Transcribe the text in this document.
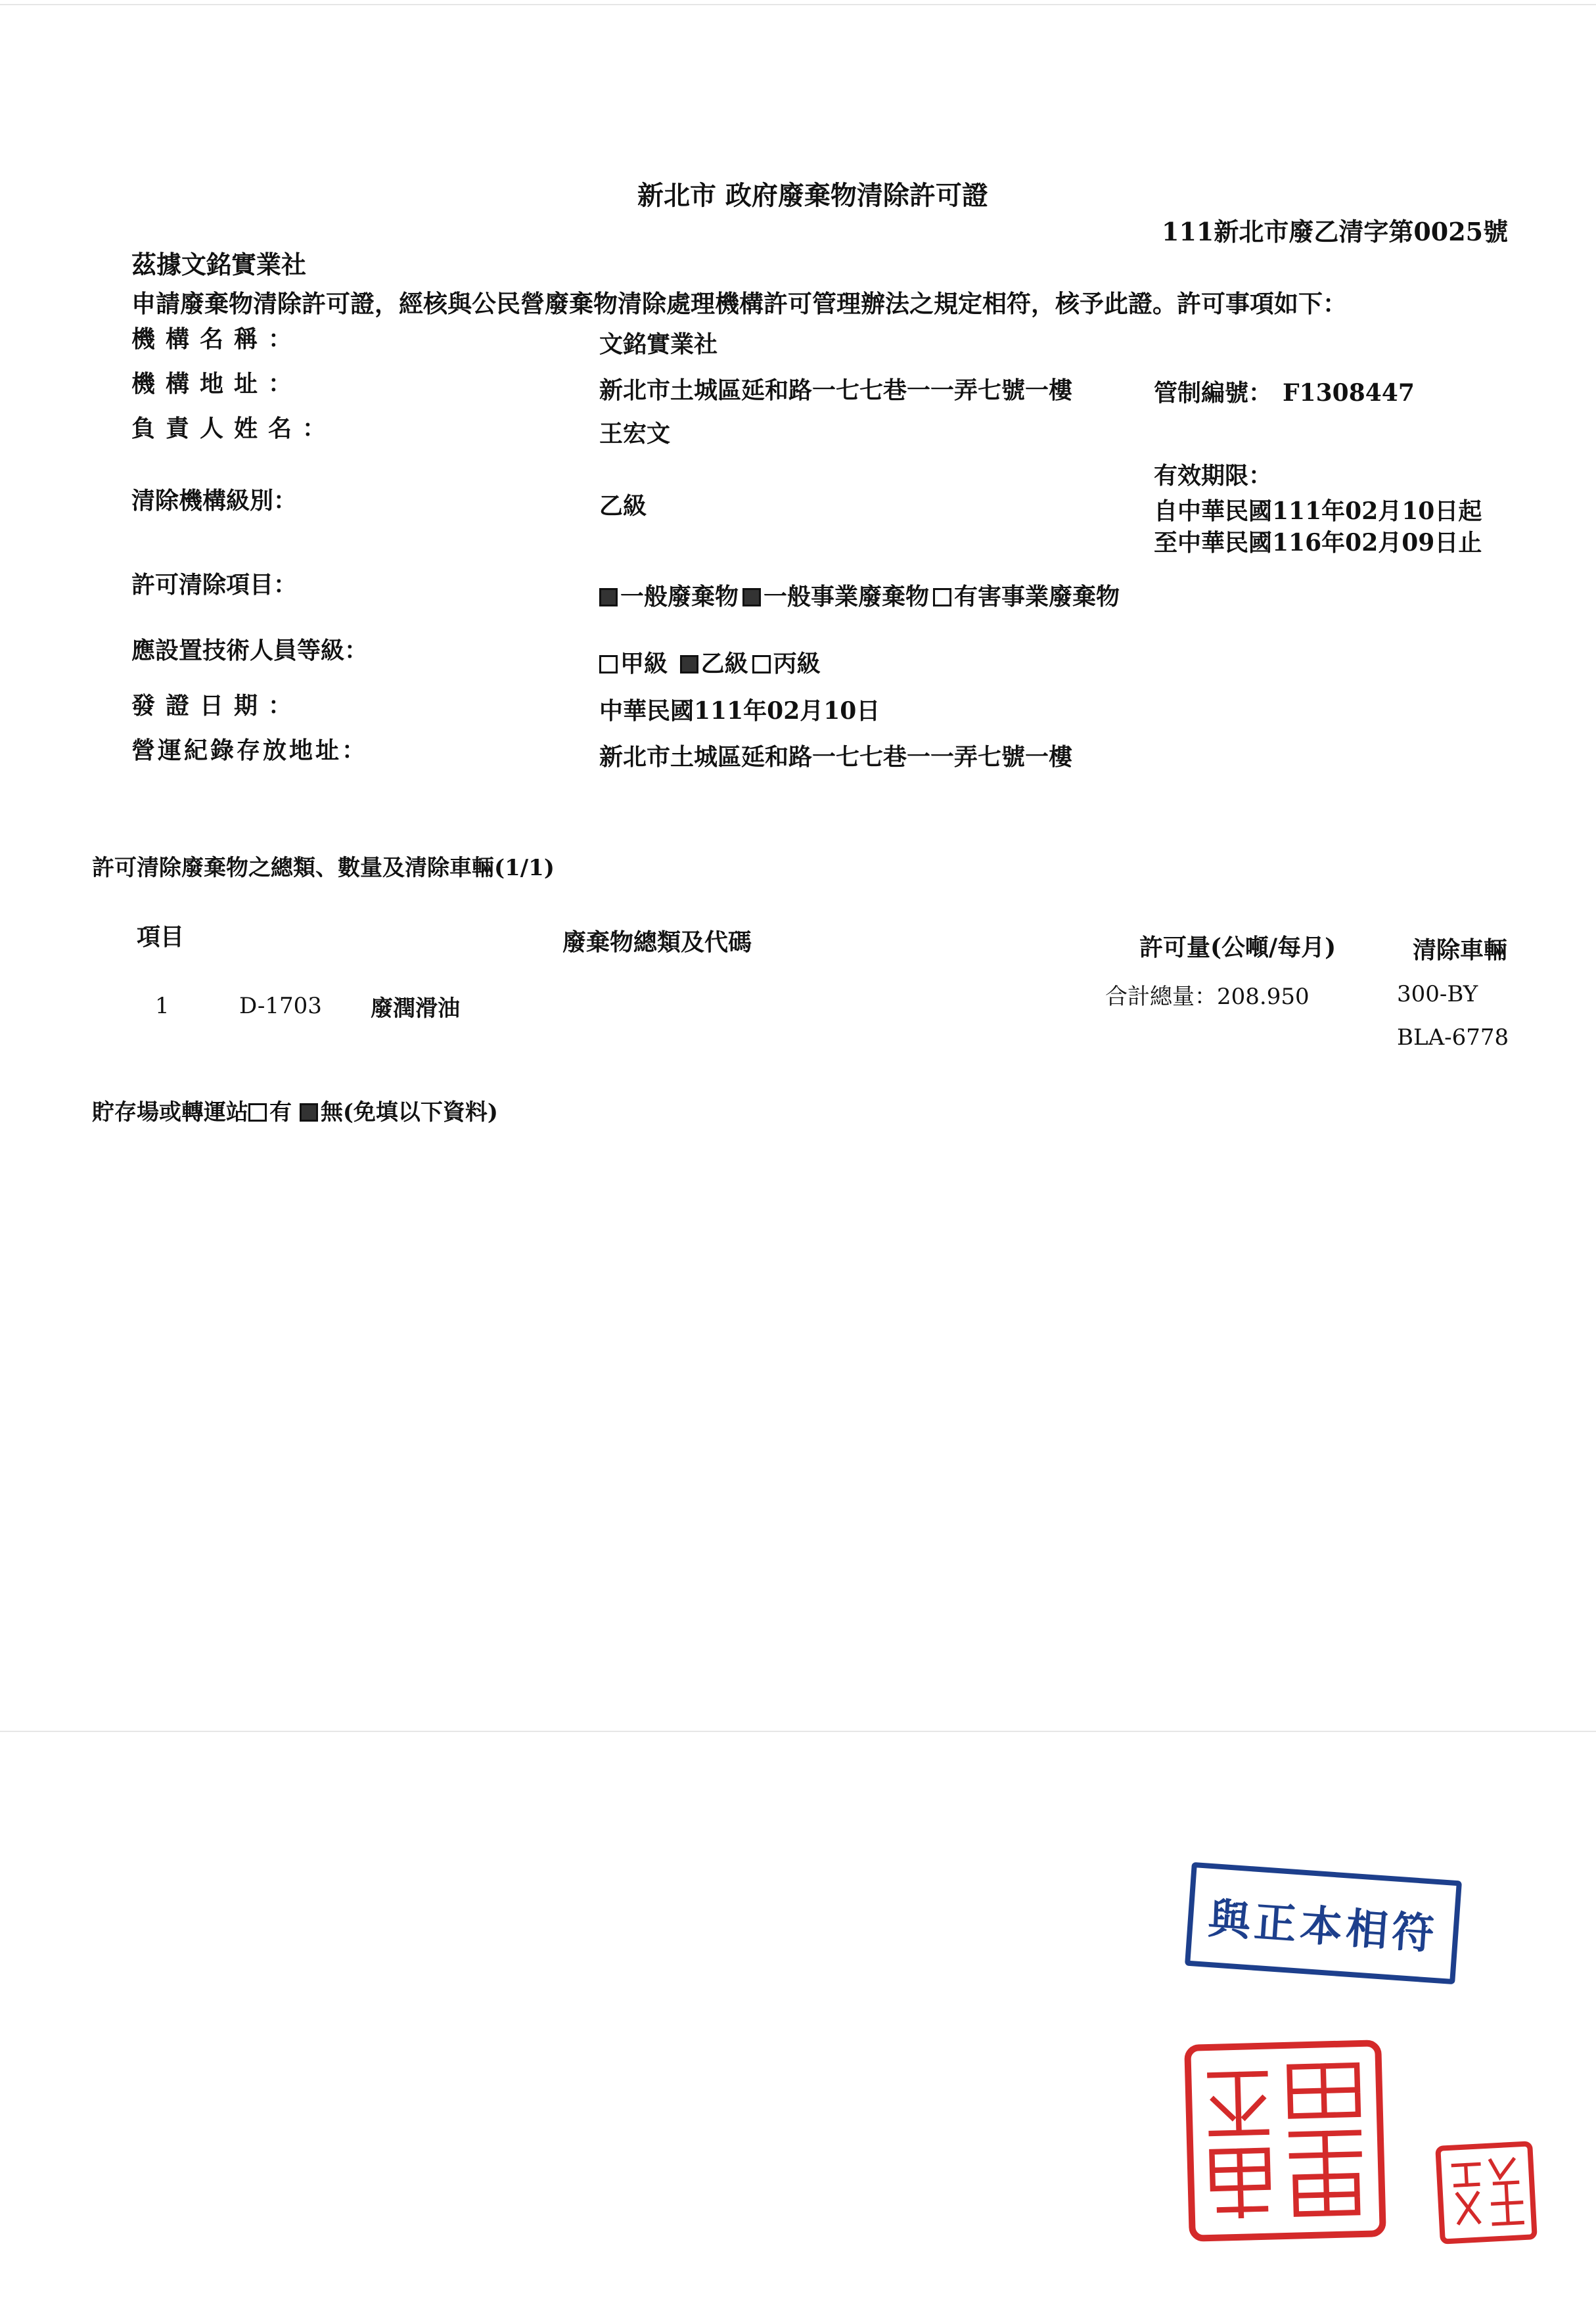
新北市 政府廢棄物清除許可證
111新北市廢乙清字第0025號
茲據文銘實業社
申請廢棄物清除許可證，經核與公民營廢棄物清除處理機構許可管理辦法之規定相符，核予此證。許可事項如下：
機構名稱：	文銘實業社
機構地址：	新北市土城區延和路一七七巷一一弄七號一樓	管制編號： F1308447
負責人姓名：	王宏文
有效期限：
自中華民國111年02月10日起
至中華民國116年02月09日止
清除機構級別：	乙級
許可清除項目：	一般廢棄物 一般事業廢棄物 有害事業廢棄物
應設置技術人員等級：	甲級 乙級 丙級
發證日期：	中華民國111年02月10日
營運紀錄存放地址：	新北市土城區延和路一七七巷一一弄七號一樓
許可清除廢棄物之總類、數量及清除車輛(1/1)
項目	廢棄物總類及代碼	許可量(公噸/每月)	清除車輛
1	D-1703 廢潤滑油	合計總量：208.950	300-BY
BLA-6778
貯存場或轉運站 有 無(免填以下資料)
與正本相符
